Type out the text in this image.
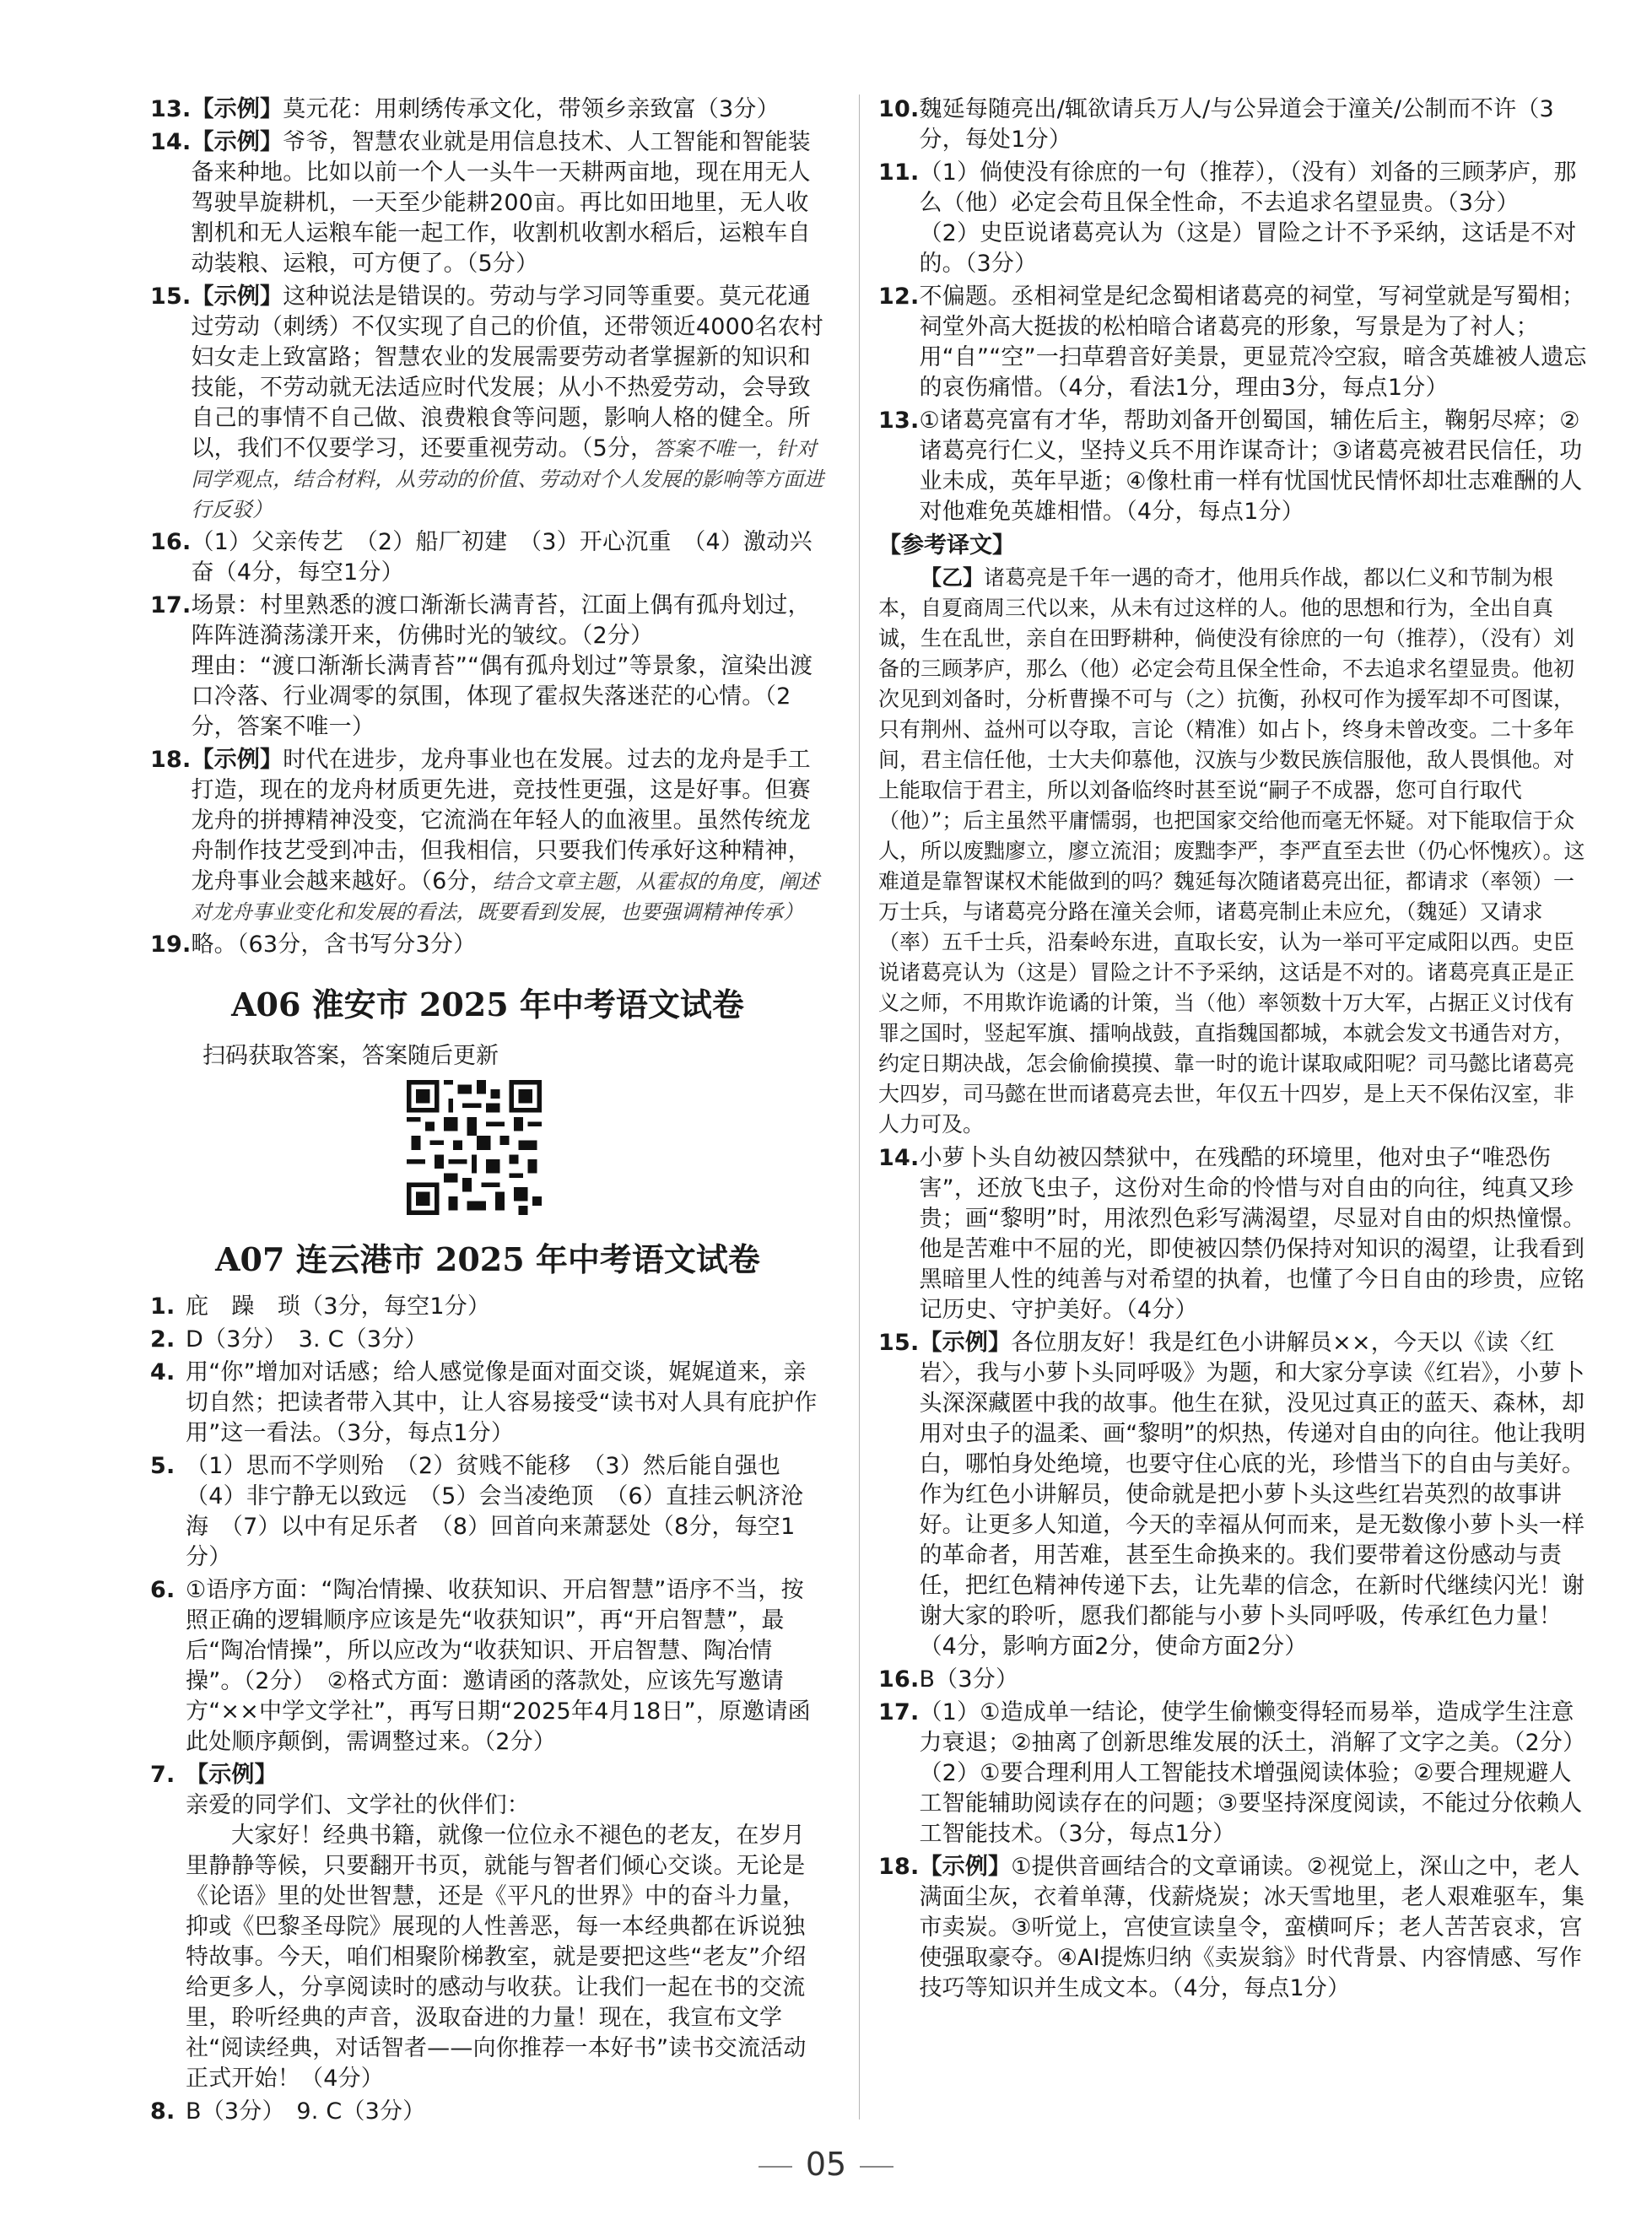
13. 【示例】莫元花：用刺绣传承文化，带领乡亲致富（3分）
14. 【示例】爷爷，智慧农业就是用信息技术、人工智能和智能装备来种地。比如以前一个人一头牛一天耕两亩地，现在用无人驾驶旱旋耕机，一天至少能耕200亩。再比如田地里，无人收割机和无人运粮车能一起工作，收割机收割水稻后，运粮车自动装粮、运粮，可方便了。（5分）
15. 【示例】这种说法是错误的。劳动与学习同等重要。莫元花通过劳动（刺绣）不仅实现了自己的价值，还带领近4000名农村妇女走上致富路；智慧农业的发展需要劳动者掌握新的知识和技能，不劳动就无法适应时代发展；从小不热爱劳动，会导致自己的事情不自己做、浪费粮食等问题，影响人格的健全。所以，我们不仅要学习，还要重视劳动。（5分，答案不唯一，针对同学观点，结合材料，从劳动的价值、劳动对个人发展的影响等方面进行反驳）
16. （1）父亲传艺　（2）船厂初建　（3）开心沉重　（4）激动兴奋（4分，每空1分）
17. 场景：村里熟悉的渡口渐渐长满青苔，江面上偶有孤舟划过，阵阵涟漪荡漾开来，仿佛时光的皱纹。（2分）

理由：“渡口渐渐长满青苔”“偶有孤舟划过”等景象，渲染出渡口冷落、行业凋零的氛围，体现了霍叔失落迷茫的心情。（2分，答案不唯一）

18. 【示例】时代在进步，龙舟事业也在发展。过去的龙舟是手工打造，现在的龙舟材质更先进，竞技性更强，这是好事。但赛龙舟的拼搏精神没变，它流淌在年轻人的血液里。虽然传统龙舟制作技艺受到冲击，但我相信，只要我们传承好这种精神，龙舟事业会越来越好。（6分，结合文章主题，从霍叔的角度，阐述对龙舟事业变化和发展的看法，既要看到发展，也要强调精神传承）
19. 略。（63分，含书写分3分）
A06 淮安市 2025 年中考语文试卷
扫码获取答案，答案随后更新
A07 连云港市 2025 年中考语文试卷
1. 庇　躁　琐（3分，每空1分）
2. D（3分）　3. C（3分）
4. 用“你”增加对话感；给人感觉像是面对面交谈，娓娓道来，亲切自然；把读者带入其中，让人容易接受“读书对人具有庇护作用”这一看法。（3分，每点1分）
5. （1）思而不学则殆　（2）贫贱不能移　（3）然后能自强也　（4）非宁静无以致远　（5）会当凌绝顶　（6）直挂云帆济沧海　（7）以中有足乐者　（8）回首向来萧瑟处（8分，每空1分）
6. ①语序方面：“陶冶情操、收获知识、开启智慧”语序不当，按照正确的逻辑顺序应该是先“收获知识”，再“开启智慧”，最后“陶冶情操”，所以应改为“收获知识、开启智慧、陶冶情操”。（2分）　②格式方面：邀请函的落款处，应该先写邀请方“××中学文学社”，再写日期“2025年4月18日”，原邀请函此处顺序颠倒，需调整过来。（2分）
7. 【示例】

亲爱的同学们、文学社的伙伴们：

大家好！经典书籍，就像一位位永不褪色的老友，在岁月里静静等候，只要翻开书页，就能与智者们倾心交谈。无论是《论语》里的处世智慧，还是《平凡的世界》中的奋斗力量，抑或《巴黎圣母院》展现的人性善恶，每一本经典都在诉说独特故事。今天，咱们相聚阶梯教室，就是要把这些“老友”介绍给更多人，分享阅读时的感动与收获。让我们一起在书的交流里，聆听经典的声音，汲取奋进的力量！现在，我宣布文学社“阅读经典，对话智者——向你推荐一本好书”读书交流活动正式开始！（4分）

8. B（3分）　9. C（3分）
10. 魏延每随亮出/辄欲请兵万人/与公异道会于潼关/公制而不许（3分，每处1分）
11. （1）倘使没有徐庶的一句（推荐），（没有）刘备的三顾茅庐，那么（他）必定会苟且保全性命，不去追求名望显贵。（3分）

（2）史臣说诸葛亮认为（这是）冒险之计不予采纳，这话是不对的。（3分）

12. 不偏题。丞相祠堂是纪念蜀相诸葛亮的祠堂，写祠堂就是写蜀相；祠堂外高大挺拔的松柏暗合诸葛亮的形象，写景是为了衬人；用“自”“空”一扫草碧音好美景，更显荒冷空寂，暗含英雄被人遗忘的哀伤痛惜。（4分，看法1分，理由3分，每点1分）
13. ①诸葛亮富有才华，帮助刘备开创蜀国，辅佐后主，鞠躬尽瘁；②诸葛亮行仁义，坚持义兵不用诈谋奇计；③诸葛亮被君民信任，功业未成，英年早逝；④像杜甫一样有忧国忧民情怀却壮志难酬的人对他难免英雄相惜。（4分，每点1分）
【参考译文】

【乙】诸葛亮是千年一遇的奇才，他用兵作战，都以仁义和节制为根本，自夏商周三代以来，从未有过这样的人。他的思想和行为，全出自真诚，生在乱世，亲自在田野耕种，倘使没有徐庶的一句（推荐），（没有）刘备的三顾茅庐，那么（他）必定会苟且保全性命，不去追求名望显贵。他初次见到刘备时，分析曹操不可与（之）抗衡，孙权可作为援军却不可图谋，只有荆州、益州可以夺取，言论（精准）如占卜，终身未曾改变。二十多年间，君主信任他，士大夫仰慕他，汉族与少数民族信服他，敌人畏惧他。对上能取信于君主，所以刘备临终时甚至说“嗣子不成器，您可自行取代（他）”；后主虽然平庸懦弱，也把国家交给他而毫无怀疑。对下能取信于众人，所以废黜廖立，廖立流泪；废黜李严，李严直至去世（仍心怀愧疚）。这难道是靠智谋权术能做到的吗？魏延每次随诸葛亮出征，都请求（率领）一万士兵，与诸葛亮分路在潼关会师，诸葛亮制止未应允，（魏延）又请求（率）五千士兵，沿秦岭东进，直取长安，认为一举可平定咸阳以西。史臣说诸葛亮认为（这是）冒险之计不予采纳，这话是不对的。诸葛亮真正是正义之师，不用欺诈诡谲的计策，当（他）率领数十万大军，占据正义讨伐有罪之国时，竖起军旗、擂响战鼓，直指魏国都城，本就会发文书通告对方，约定日期决战，怎会偷偷摸摸、靠一时的诡计谋取咸阳呢？司马懿比诸葛亮大四岁，司马懿在世而诸葛亮去世，年仅五十四岁，是上天不保佑汉室，非人力可及。

14. 小萝卜头自幼被囚禁狱中，在残酷的环境里，他对虫子“唯恐伤害”，还放飞虫子，这份对生命的怜惜与对自由的向往，纯真又珍贵；画“黎明”时，用浓烈色彩写满渴望，尽显对自由的炽热憧憬。他是苦难中不屈的光，即使被囚禁仍保持对知识的渴望，让我看到黑暗里人性的纯善与对希望的执着，也懂了今日自由的珍贵，应铭记历史、守护美好。（4分）
15. 【示例】各位朋友好！我是红色小讲解员××，今天以《读〈红岩〉，我与小萝卜头同呼吸》为题，和大家分享读《红岩》，小萝卜头深深藏匿中我的故事。他生在狱，没见过真正的蓝天、森林，却用对虫子的温柔、画“黎明”的炽热，传递对自由的向往。他让我明白，哪怕身处绝境，也要守住心底的光，珍惜当下的自由与美好。作为红色小讲解员，使命就是把小萝卜头这些红岩英烈的故事讲好。让更多人知道，今天的幸福从何而来，是无数像小萝卜头一样的革命者，用苦难，甚至生命换来的。我们要带着这份感动与责任，把红色精神传递下去，让先辈的信念，在新时代继续闪光！谢谢大家的聆听，愿我们都能与小萝卜头同呼吸，传承红色力量！（4分，影响方面2分，使命方面2分）
16. B（3分）
17. （1）①造成单一结论，使学生偷懒变得轻而易举，造成学生注意力衰退；②抽离了创新思维发展的沃土，消解了文字之美。（2分）

（2）①要合理利用人工智能技术增强阅读体验；②要合理规避人工智能辅助阅读存在的问题；③要坚持深度阅读，不能过分依赖人工智能技术。（3分，每点1分）

18. 【示例】①提供音画结合的文章诵读。②视觉上，深山之中，老人满面尘灰，衣着单薄，伐薪烧炭；冰天雪地里，老人艰难驱车，集市卖炭。③听觉上，宫使宣读皇令，蛮横呵斥；老人苦苦哀求，宫使强取豪夺。④AI提炼归纳《卖炭翁》时代背景、内容情感、写作技巧等知识并生成文本。（4分，每点1分）
05
